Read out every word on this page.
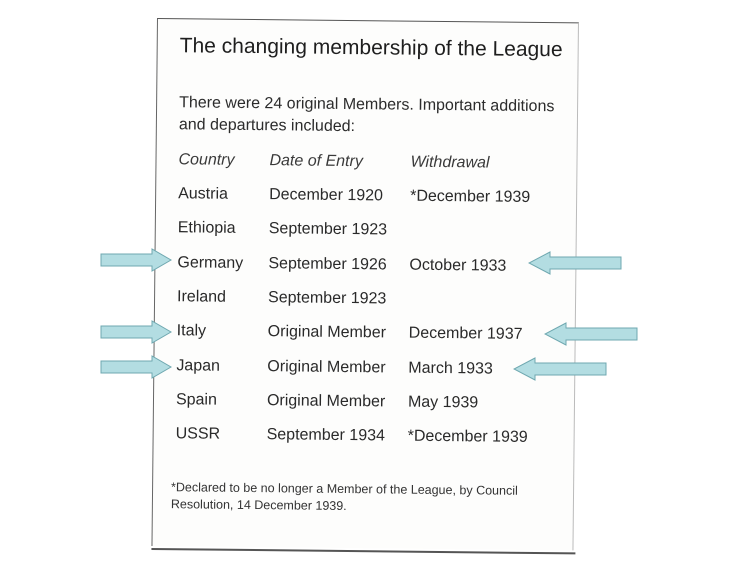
The changing membership of the League

There were 24 original Members. Important additions and departures included:

Country Date of Entry	Withdrawal
Austria	December 1920 *December 1939
Ethiopia September 1923
Germany September 1926 October 1933
Ireland	September 1923
Italy	Original Member December 1937
Japan	Original Member March 1933
Spain	Original Member May 1939
USSR	September 1934 *December 1939

*Declared to be no longer a Member of the League, by Council Resolution, 14 December 1939.
